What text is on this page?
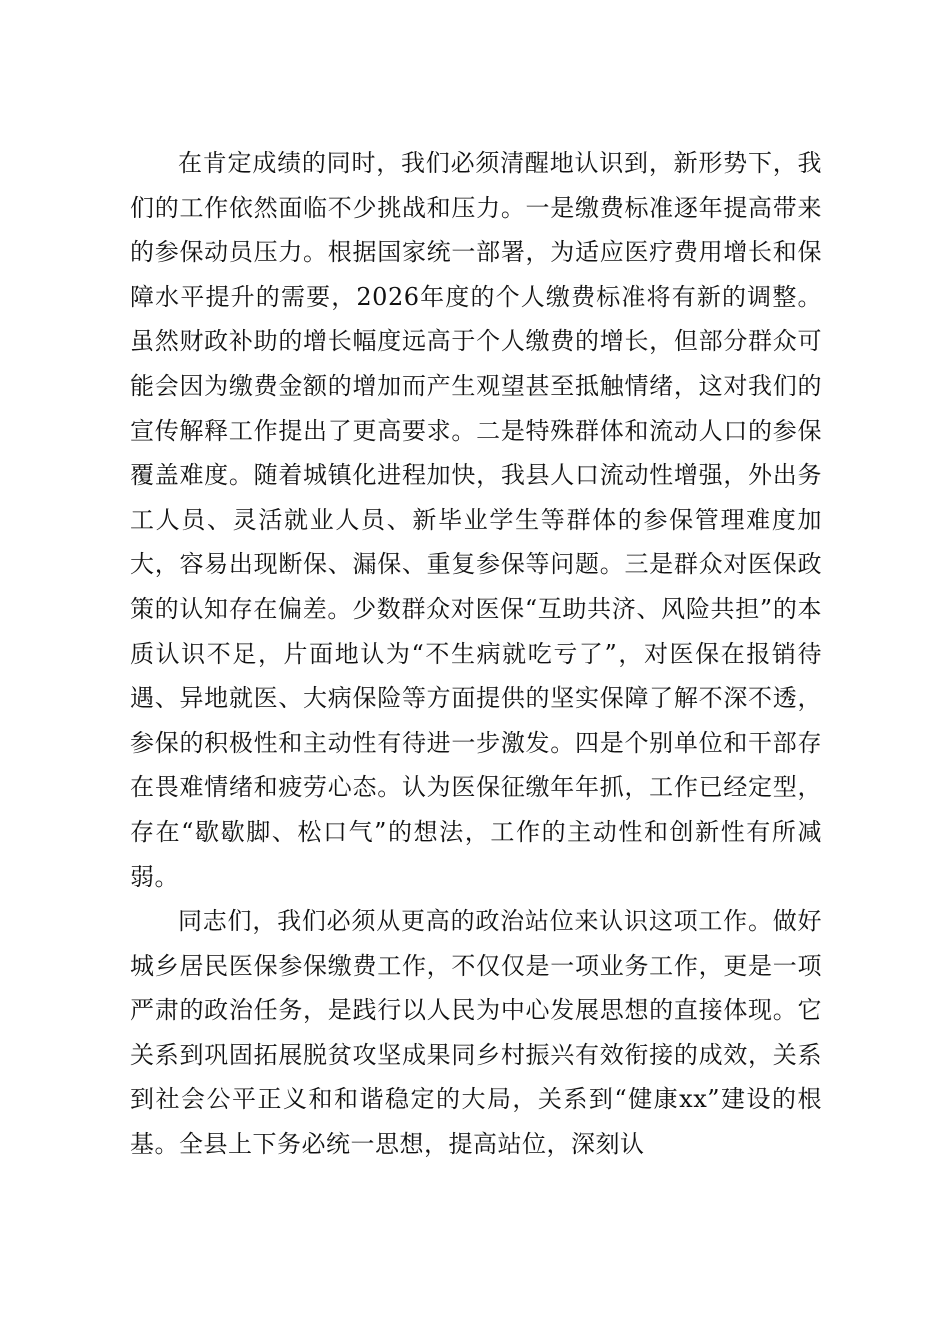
在肯定成绩的同时，我们必须清醒地认识到，新形势下，我们的工作依然面临不少挑战和压力。一是缴费标准逐年提高带来的参保动员压力。根据国家统一部署，为适应医疗费用增长和保障水平提升的需要，2026年度的个人缴费标准将有新的调整。虽然财政补助的增长幅度远高于个人缴费的增长，但部分群众可能会因为缴费金额的增加而产生观望甚至抵触情绪，这对我们的宣传解释工作提出了更高要求。二是特殊群体和流动人口的参保覆盖难度。随着城镇化进程加快，我县人口流动性增强，外出务工人员、灵活就业人员、新毕业学生等群体的参保管理难度加大，容易出现断保、漏保、重复参保等问题。三是群众对医保政策的认知存在偏差。少数群众对医保“互助共济、风险共担”的本质认识不足，片面地认为“不生病就吃亏了”，对医保在报销待遇、异地就医、大病保险等方面提供的坚实保障了解不深不透，参保的积极性和主动性有待进一步激发。四是个别单位和干部存在畏难情绪和疲劳心态。认为医保征缴年年抓，工作已经定型，存在“歇歇脚、松口气”的想法，工作的主动性和创新性有所减弱。

同志们，我们必须从更高的政治站位来认识这项工作。做好城乡居民医保参保缴费工作，不仅仅是一项业务工作，更是一项严肃的政治任务，是践行以人民为中心发展思想的直接体现。它关系到巩固拓展脱贫攻坚成果同乡村振兴有效衔接的成效，关系到社会公平正义和和谐稳定的大局，关系到“健康xx”建设的根基。全县上下务必统一思想，提高站位，深刻认
